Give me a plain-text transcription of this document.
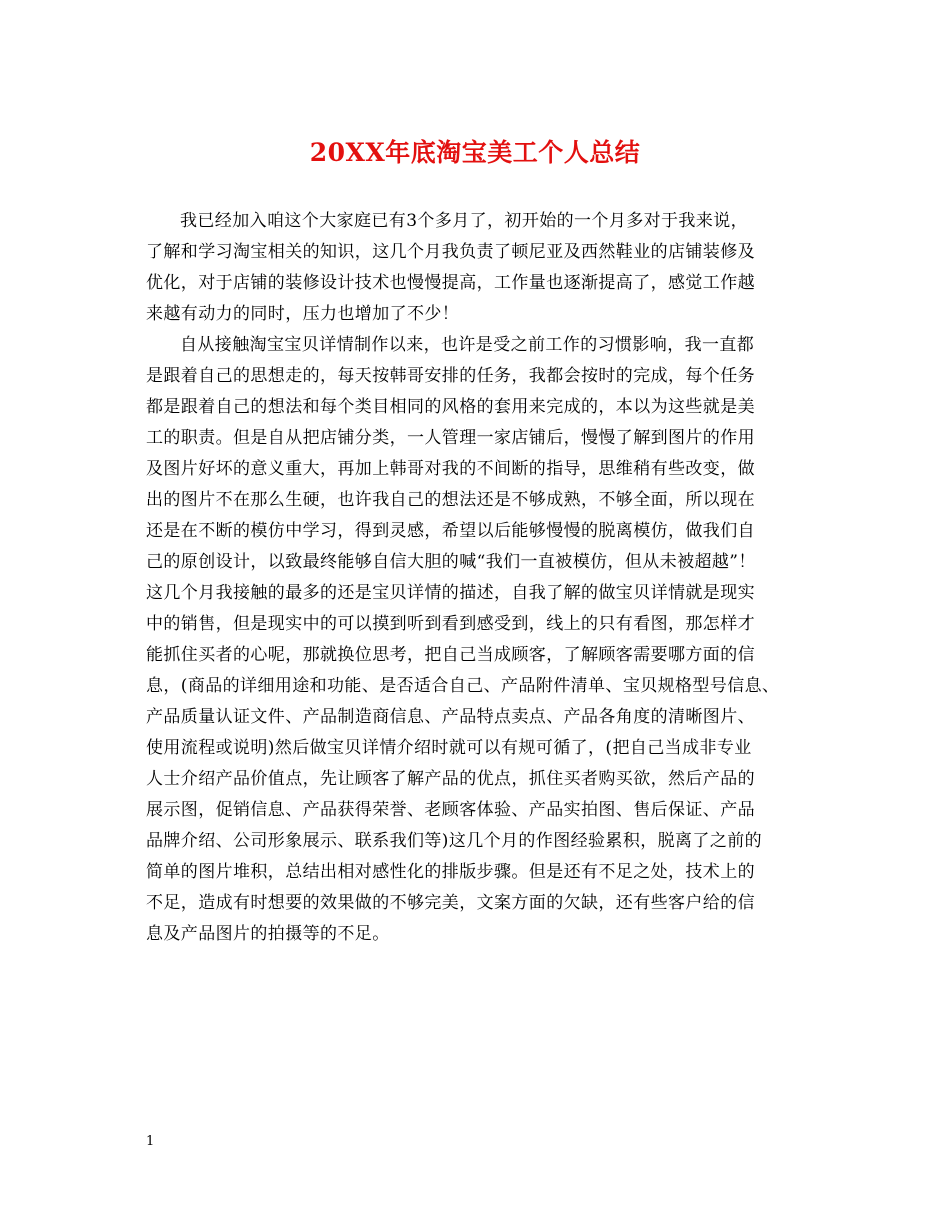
20XX年底淘宝美工个人总结
我已经加入咱这个大家庭已有3个多月了，初开始的一个月多对于我来说，
了解和学习淘宝相关的知识，这几个月我负责了顿尼亚及西然鞋业的店铺装修及
优化，对于店铺的装修设计技术也慢慢提高，工作量也逐渐提高了，感觉工作越
来越有动力的同时，压力也增加了不少！
自从接触淘宝宝贝详情制作以来，也许是受之前工作的习惯影响，我一直都
是跟着自己的思想走的，每天按韩哥安排的任务，我都会按时的完成，每个任务
都是跟着自己的想法和每个类目相同的风格的套用来完成的，本以为这些就是美
工的职责。但是自从把店铺分类，一人管理一家店铺后，慢慢了解到图片的作用
及图片好坏的意义重大，再加上韩哥对我的不间断的指导，思维稍有些改变，做
出的图片不在那么生硬，也许我自己的想法还是不够成熟，不够全面，所以现在
还是在不断的模仿中学习，得到灵感，希望以后能够慢慢的脱离模仿，做我们自
己的原创设计，以致最终能够自信大胆的喊“我们一直被模仿，但从未被超越”！
这几个月我接触的最多的还是宝贝详情的描述，自我了解的做宝贝详情就是现实
中的销售，但是现实中的可以摸到听到看到感受到，线上的只有看图，那怎样才
能抓住买者的心呢，那就换位思考，把自己当成顾客，了解顾客需要哪方面的信
息，(商品的详细用途和功能、是否适合自己、产品附件清单、宝贝规格型号信息、
产品质量认证文件、产品制造商信息、产品特点卖点、产品各角度的清晰图片、
使用流程或说明)然后做宝贝详情介绍时就可以有规可循了，(把自己当成非专业
人士介绍产品价值点，先让顾客了解产品的优点，抓住买者购买欲，然后产品的
展示图，促销信息、产品获得荣誉、老顾客体验、产品实拍图、售后保证、产品
品牌介绍、公司形象展示、联系我们等)这几个月的作图经验累积，脱离了之前的
简单的图片堆积，总结出相对感性化的排版步骤。但是还有不足之处，技术上的
不足，造成有时想要的效果做的不够完美，文案方面的欠缺，还有些客户给的信
息及产品图片的拍摄等的不足。
1
